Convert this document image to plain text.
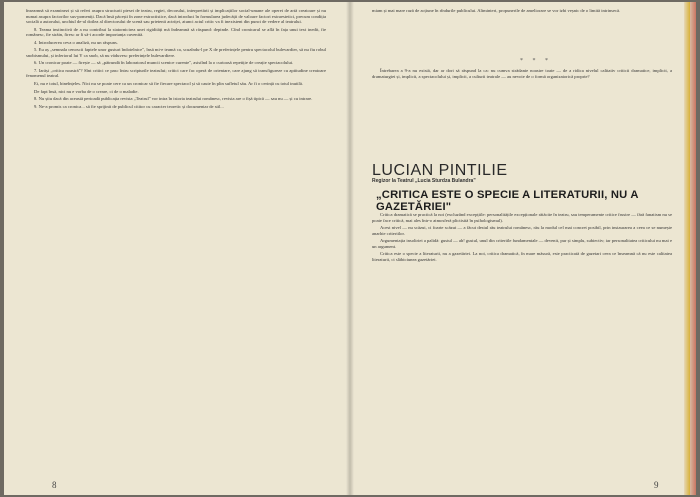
însearnnă să examinezi și să referi asupra structurii piesei de teatru, regiei, decorului, interpretării și implicațiilor social-umane ale operei de artă creatoare și nu numai asupra factorilor sus-pomeniți. Dacă însă păcești în zone extractistice, dacă introduci în formularea judecății de valoare factori extraestetici, precum condiția socială a autorului, unchiul de-al doilea al directorului de scenă sau prietenii actriței, atunci actul critic va fi inexistent din punct de vedere al teatrului.

8. Teama instinctivă de a nu contribui la statornicirea unei rigidități mă îndeamnă să răspund: depinde. Cînd cronicarul se află în fața unui text inedit, fie românesc, fie străin, firesc ar fi să-i acorde importanța cuvenită.

4. Introducerea ceva o analiză, nu un răspuns.

5. Eu aș „semnala cenoscii faptele unor gusturi îndoielnice", însă mi-e teamă ca, scuzîndu-l pe X de preferințele pentru spectacolul bulevardier, să nu fiu robul snobismului, și inferiorul lui Y ca snob, să nu văduvesc preferințele bulevardiere.

6. Un cronicar poate — firește — să „pătrundă în laboratorul muncii scenice curente", asistînd la o curioasă repetiție de creație spectacolului.

7. Iarăși „critica noastră"? Sînt critici ce pasc întru scripturile teatrului; critici care fac operă de orientare, care ajung să transfigureze cu aptitudine creatoare fenomenul teatral.

Ei, nu e totul, bineînțeles. Nici nu se poate cere ca un cronicar să fie fiecare spectacol și să caute în plin sufletul său. Ar fi o cerință cu totul inutilă.

De fapt însă, nici nu e vorba de o creare, ci de o maladie.

8. Nu știu dacă din această perioadă publicația revista „Teatrul" vor intra în istoria teatrului românesc, revista are o fișă tipică — sau nu — și cu intrare.

9. Ne-a promis ca cronica... să fie sprijinit de publicul cititor cu caracter teoretic și documentar de stil...

8

miam și mai mare rază de acțiune în rîndurile publicului. Altminteri, propunerile de ameliorare se vor izbi veșnic de o limită intrinsecă.

* * *

Întrebarea a 9-a nu există, dar ar dori să răspund la ca: nu cumva strădanie noastre toate — de a ridica nivelul calitativ criticii dramatice, implicit, a dramaturgiei și, implicit, a spectacolului și, implicit, a culturii teatrale — au nevoie de o formă organizatorică proprie?

LUCIAN PINTILIE
Regizor la Teatrul „Lucia Sturdza Bulandra"
„CRITICA ESTE O SPECIE A LITERATURII, NU A GAZETĂRIEI"

Critica dramatică se practică la noi (excluzând excepțiile: personalitățile excepționale rătăcite în teatru, sau temperamente critice frustre — fără fanatism nu se poate face critică, mai ales într-o atmosferă plictisită în psihologismul).

Acest nivel — nu scăzut, ci foarte scăzut — a făcut destul rău teatrului românesc, rău la modul cel mai concret posibil, prin instaurarea a ceea ce se numește anarhie criteriilor.

Argumentația insoliriei a palidă: gustul — ah! gustul, unul din criteriile fundamentale — devenit, pur și simplu, subiectiv; iar personalitatea criticului nu mai e un argument.

Critica este o specie a literaturii, nu a gazetăriei. La noi, critica dramatică, în mare măsură, este practicată de gazetari ceea ce înseamnă că nu este calitatea literaturii, ci slăbiciunea gazetăriei.

9
